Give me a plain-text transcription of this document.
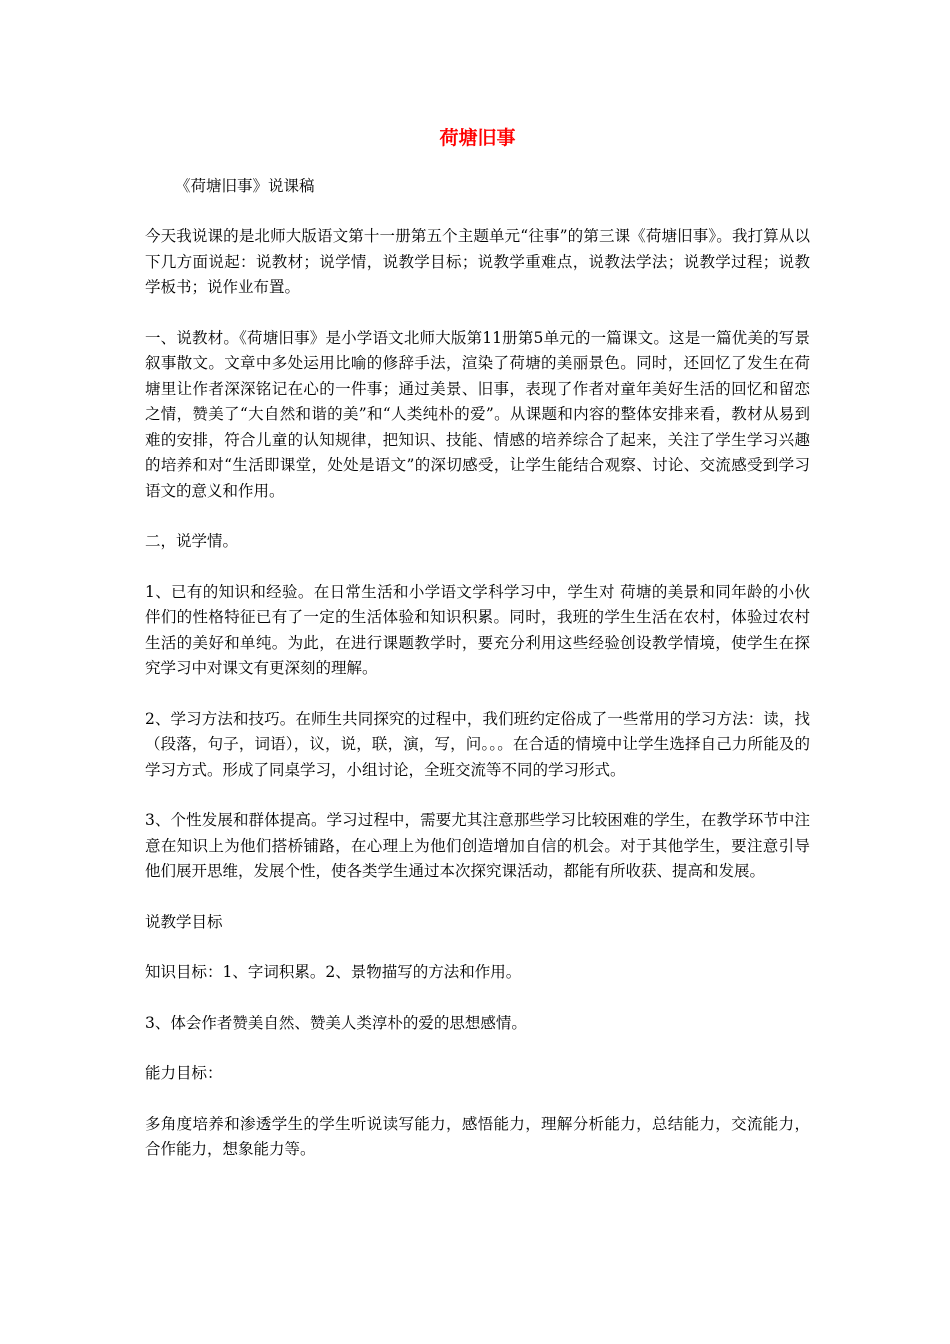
荷塘旧事

《荷塘旧事》说课稿

今天我说课的是北师大版语文第十一册第五个主题单元“往事”的第三课《荷塘旧事》。我打算从以下几方面说起：说教材；说学情，说教学目标；说教学重难点，说教法学法；说教学过程；说教学板书；说作业布置。

一、说教材。《荷塘旧事》是小学语文北师大版第11册第5单元的一篇课文。这是一篇优美的写景叙事散文。文章中多处运用比喻的修辞手法，渲染了荷塘的美丽景色。同时，还回忆了发生在荷塘里让作者深深铭记在心的一件事；通过美景、旧事，表现了作者对童年美好生活的回忆和留恋之情，赞美了“大自然和谐的美”和“人类纯朴的爱”。从课题和内容的整体安排来看，教材从易到难的安排，符合儿童的认知规律，把知识、技能、情感的培养综合了起来，关注了学生学习兴趣的培养和对“生活即课堂，处处是语文”的深切感受，让学生能结合观察、讨论、交流感受到学习语文的意义和作用。

二，说学情。

1、已有的知识和经验。在日常生活和小学语文学科学习中，学生对 荷塘的美景和同年龄的小伙伴们的性格特征已有了一定的生活体验和知识积累。同时，我班的学生生活在农村，体验过农村生活的美好和单纯。为此，在进行课题教学时，要充分利用这些经验创设教学情境，使学生在探究学习中对课文有更深刻的理解。

2、学习方法和技巧。在师生共同探究的过程中，我们班约定俗成了一些常用的学习方法：读，找（段落，句子，词语），议，说，联，演，写，问。。。在合适的情境中让学生选择自己力所能及的学习方式。形成了同桌学习，小组讨论，全班交流等不同的学习形式。

3、个性发展和群体提高。学习过程中，需要尤其注意那些学习比较困难的学生，在教学环节中注意在知识上为他们搭桥铺路，在心理上为他们创造增加自信的机会。对于其他学生，要注意引导他们展开思维，发展个性，使各类学生通过本次探究课活动，都能有所收获、提高和发展。

说教学目标

知识目标：1、字词积累。2、景物描写的方法和作用。

3、体会作者赞美自然、赞美人类淳朴的爱的思想感情。

能力目标：

多角度培养和渗透学生的学生听说读写能力，感悟能力，理解分析能力，总结能力，交流能力，合作能力，想象能力等。
